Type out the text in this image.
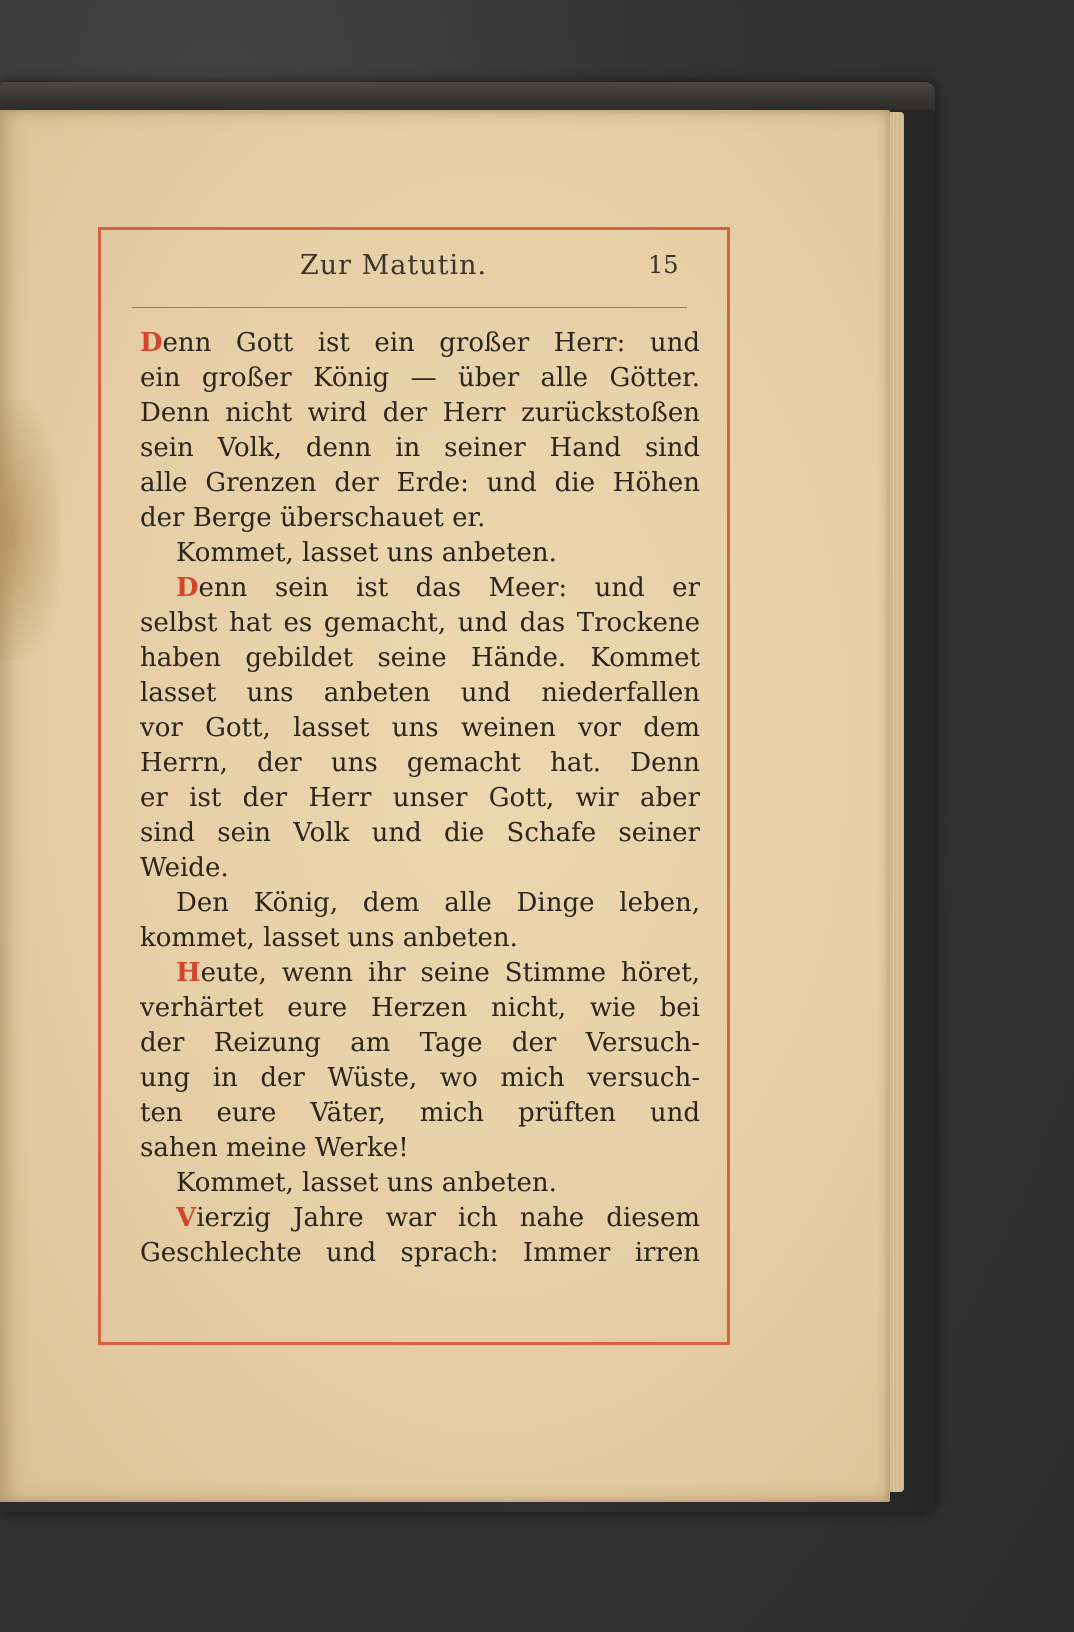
Zur Matutin.	15
Denn Gott ist ein großer Herr: und
ein großer König — über alle Götter.
Denn nicht wird der Herr zurückstoßen
sein Volk, denn in seiner Hand sind
alle Grenzen der Erde: und die Höhen
der Berge überschauet er.
Kommet, lasset uns anbeten.
Denn sein ist das Meer: und er
selbst hat es gemacht, und das Trockene
haben gebildet seine Hände. Kommet
lasset uns anbeten und niederfallen
vor Gott, lasset uns weinen vor dem
Herrn, der uns gemacht hat. Denn
er ist der Herr unser Gott, wir aber
sind sein Volk und die Schafe seiner
Weide.
Den König, dem alle Dinge leben,
kommet, lasset uns anbeten.
Heute, wenn ihr seine Stimme höret,
verhärtet eure Herzen nicht, wie bei
der Reizung am Tage der Versuch-
ung in der Wüste, wo mich versuch-
ten eure Väter, mich prüften und
sahen meine Werke!
Kommet, lasset uns anbeten.
Vierzig Jahre war ich nahe diesem
Geschlechte und sprach: Immer irren
